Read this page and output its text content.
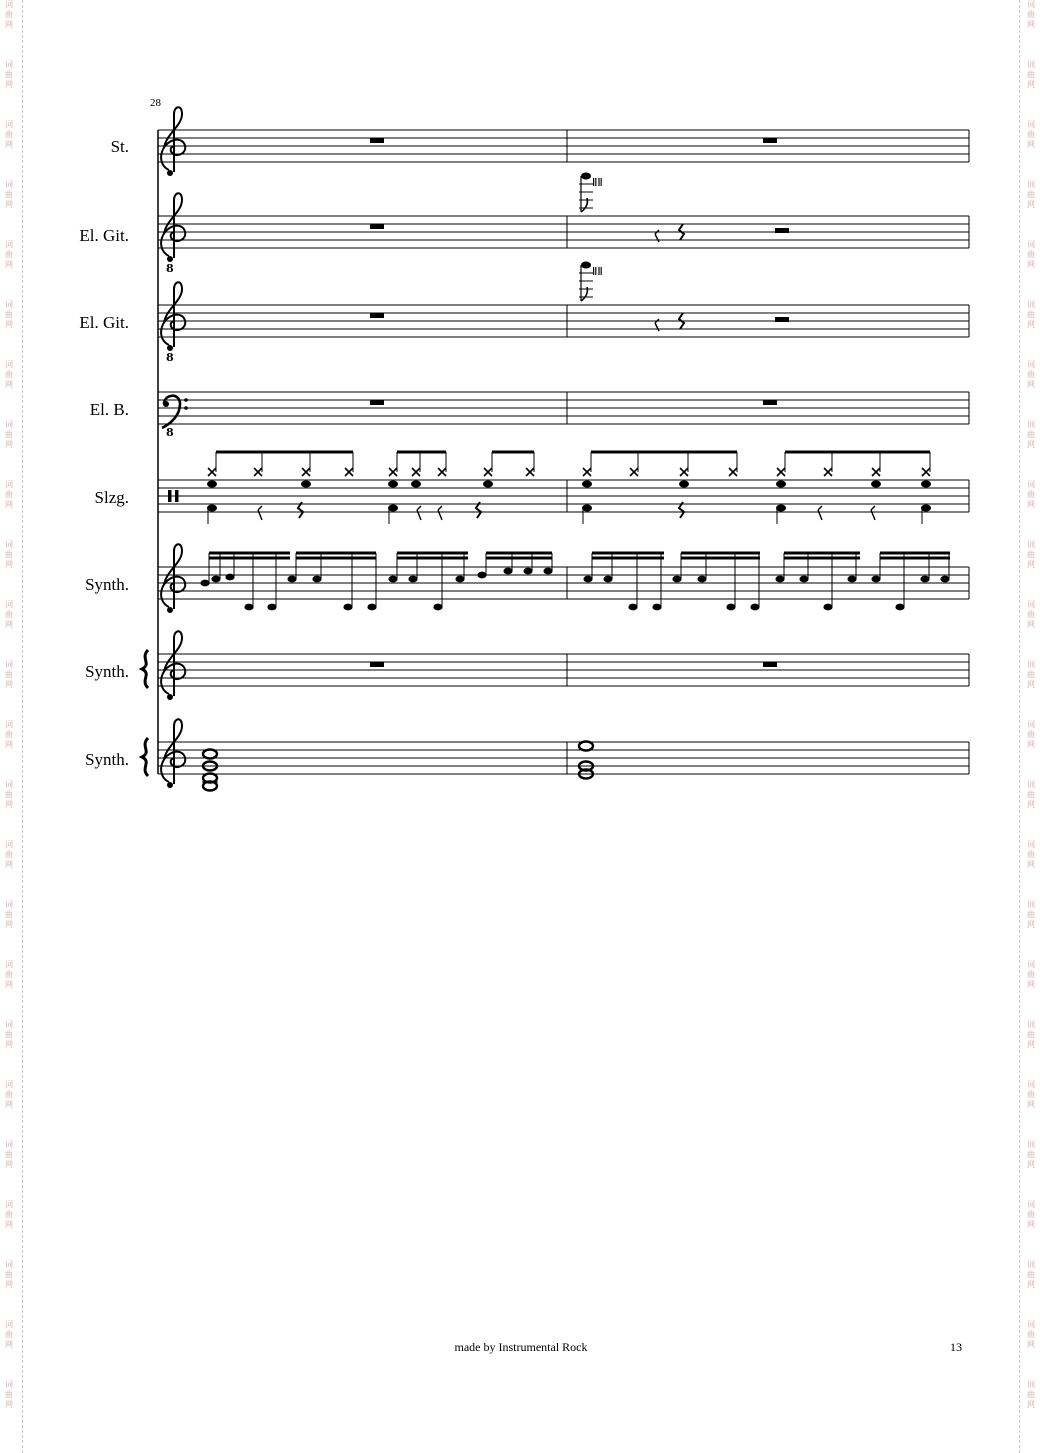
词
曲
网
词
曲
网
词
曲
网
词
曲
网
词
曲
网
词
曲
网
词
曲
网
词
曲
网
词
曲
网
词
曲
网
词
曲
网
词
曲
网
词
曲
网
词
曲
网
词
曲
网
词
曲
网
词
曲
网
词
曲
网
词
曲
网
词
曲
网
词
曲
网
词
曲
网
词
曲
网
词
曲
网
词
曲
网
词
曲
网
词
曲
网
词
曲
网
词
曲
网
词
曲
网
词
曲
网
词
曲
网
词
曲
网
词
曲
网
词
曲
网
词
曲
网
词
曲
网
词
曲
网
词
曲
网
词
曲
网
词
曲
网
词
曲
网
词
曲
网
词
曲
网
词
曲
网
词
曲
网
词
曲
网
词
曲
网
28
St.
El. Git.
El. Git.
El. B.
Slzg.
Synth.
Synth.
Synth.
8
8
8
ǁǁ
ǁǁ
made by Instrumental Rock	13
